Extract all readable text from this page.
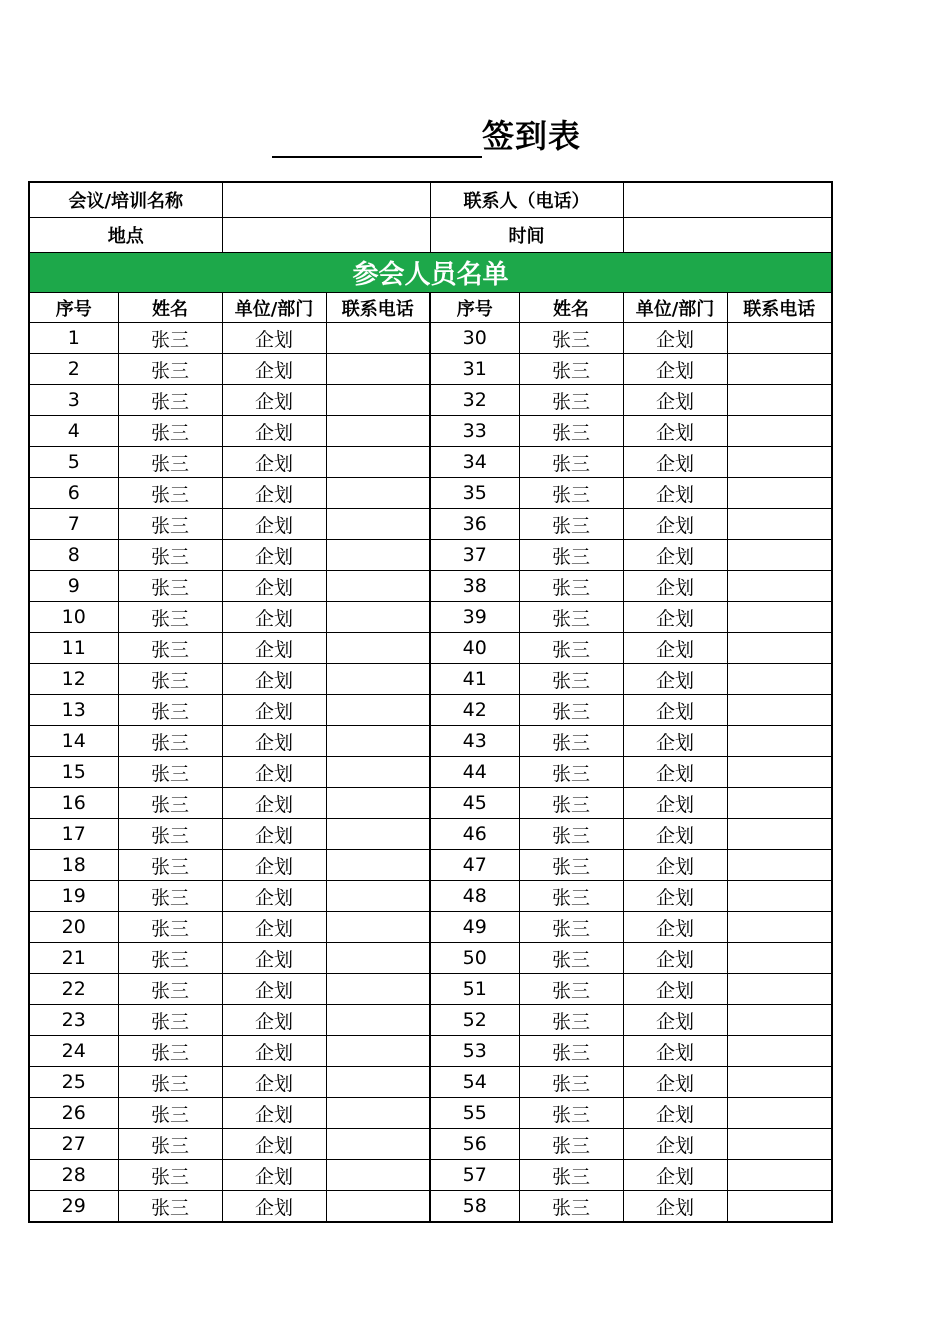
签到表
会议/培训名称				联系人（电话）			
地点				时间			
参会人员名单							
序号	姓名	单位/部门	联系电话	序号	姓名	单位/部门	联系电话
1	张三	企划		30	张三	企划	
2	张三	企划		31	张三	企划	
3	张三	企划		32	张三	企划	
4	张三	企划		33	张三	企划	
5	张三	企划		34	张三	企划	
6	张三	企划		35	张三	企划	
7	张三	企划		36	张三	企划	
8	张三	企划		37	张三	企划	
9	张三	企划		38	张三	企划	
10	张三	企划		39	张三	企划	
11	张三	企划		40	张三	企划	
12	张三	企划		41	张三	企划	
13	张三	企划		42	张三	企划	
14	张三	企划		43	张三	企划	
15	张三	企划		44	张三	企划	
16	张三	企划		45	张三	企划	
17	张三	企划		46	张三	企划	
18	张三	企划		47	张三	企划	
19	张三	企划		48	张三	企划	
20	张三	企划		49	张三	企划	
21	张三	企划		50	张三	企划	
22	张三	企划		51	张三	企划	
23	张三	企划		52	张三	企划	
24	张三	企划		53	张三	企划	
25	张三	企划		54	张三	企划	
26	张三	企划		55	张三	企划	
27	张三	企划		56	张三	企划	
28	张三	企划		57	张三	企划	
29	张三	企划		58	张三	企划	
